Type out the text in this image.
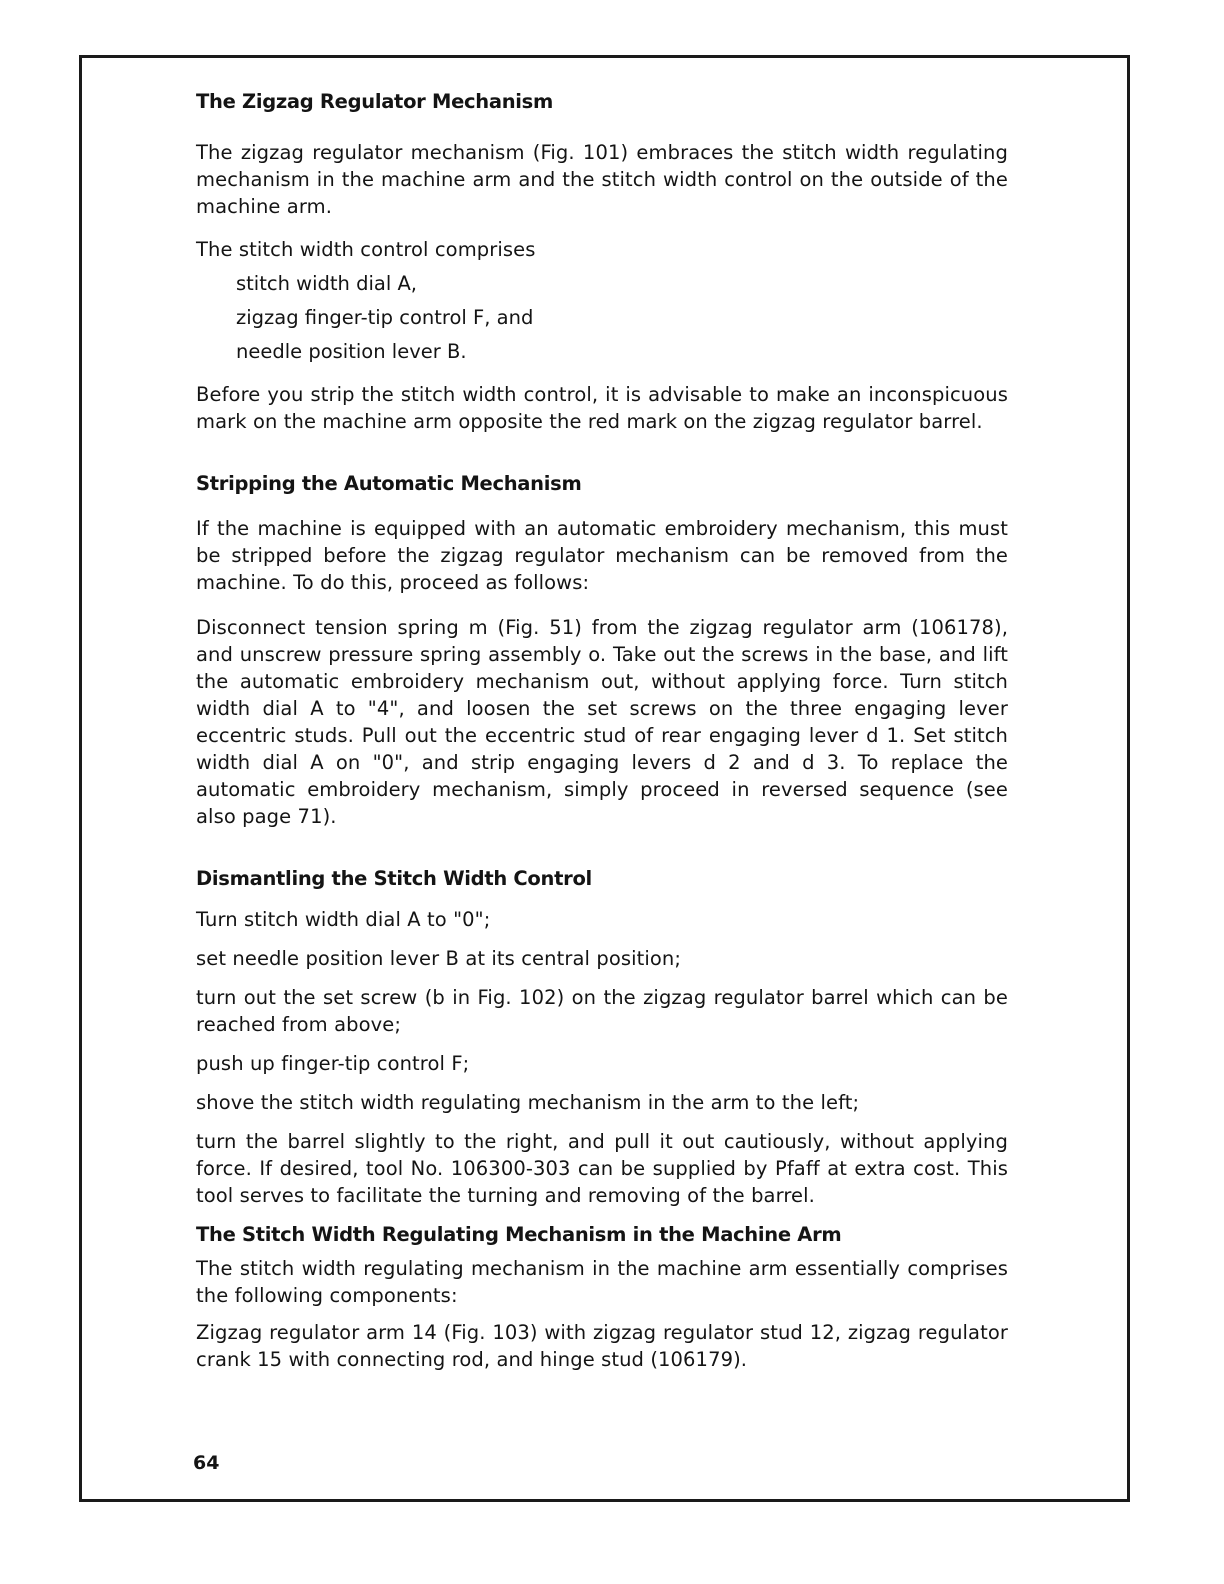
The Zigzag Regulator Mechanism

The zigzag regulator mechanism (Fig. 101) embraces the stitch width regulating mechanism in the machine arm and the stitch width control on the outside of the machine arm.

The stitch width control comprises

stitch width dial A,

zigzag finger-tip control F, and

needle position lever B.

Before you strip the stitch width control, it is advisable to make an inconspicuous mark on the machine arm opposite the red mark on the zigzag regulator barrel.

Stripping the Automatic Mechanism

If the machine is equipped with an automatic embroidery mechanism, this must be stripped before the zigzag regulator mechanism can be removed from the machine. To do this, proceed as follows:

Disconnect tension spring m (Fig. 51) from the zigzag regulator arm (106178), and unscrew pressure spring assembly o. Take out the screws in the base, and lift the automatic embroidery mechanism out, without applying force. Turn stitch width dial A to "4", and loosen the set screws on the three engaging lever eccentric studs. Pull out the eccentric stud of rear engaging lever d 1. Set stitch width dial A on "0", and strip engaging levers d 2 and d 3. To replace the automatic embroidery mechanism, simply proceed in reversed sequence (see also page 71).

Dismantling the Stitch Width Control

Turn stitch width dial A to "0";

set needle position lever B at its central position;

turn out the set screw (b in Fig. 102) on the zigzag regulator barrel which can be reached from above;

push up finger-tip control F;

shove the stitch width regulating mechanism in the arm to the left;

turn the barrel slightly to the right, and pull it out cautiously, without applying force. If desired, tool No. 106300-303 can be supplied by Pfaff at extra cost. This tool serves to facilitate the turning and removing of the barrel.

The Stitch Width Regulating Mechanism in the Machine Arm

The stitch width regulating mechanism in the machine arm essentially comprises the following components:

Zigzag regulator arm 14 (Fig. 103) with zigzag regulator stud 12, zigzag regulator crank 15 with connecting rod, and hinge stud (106179).

64
